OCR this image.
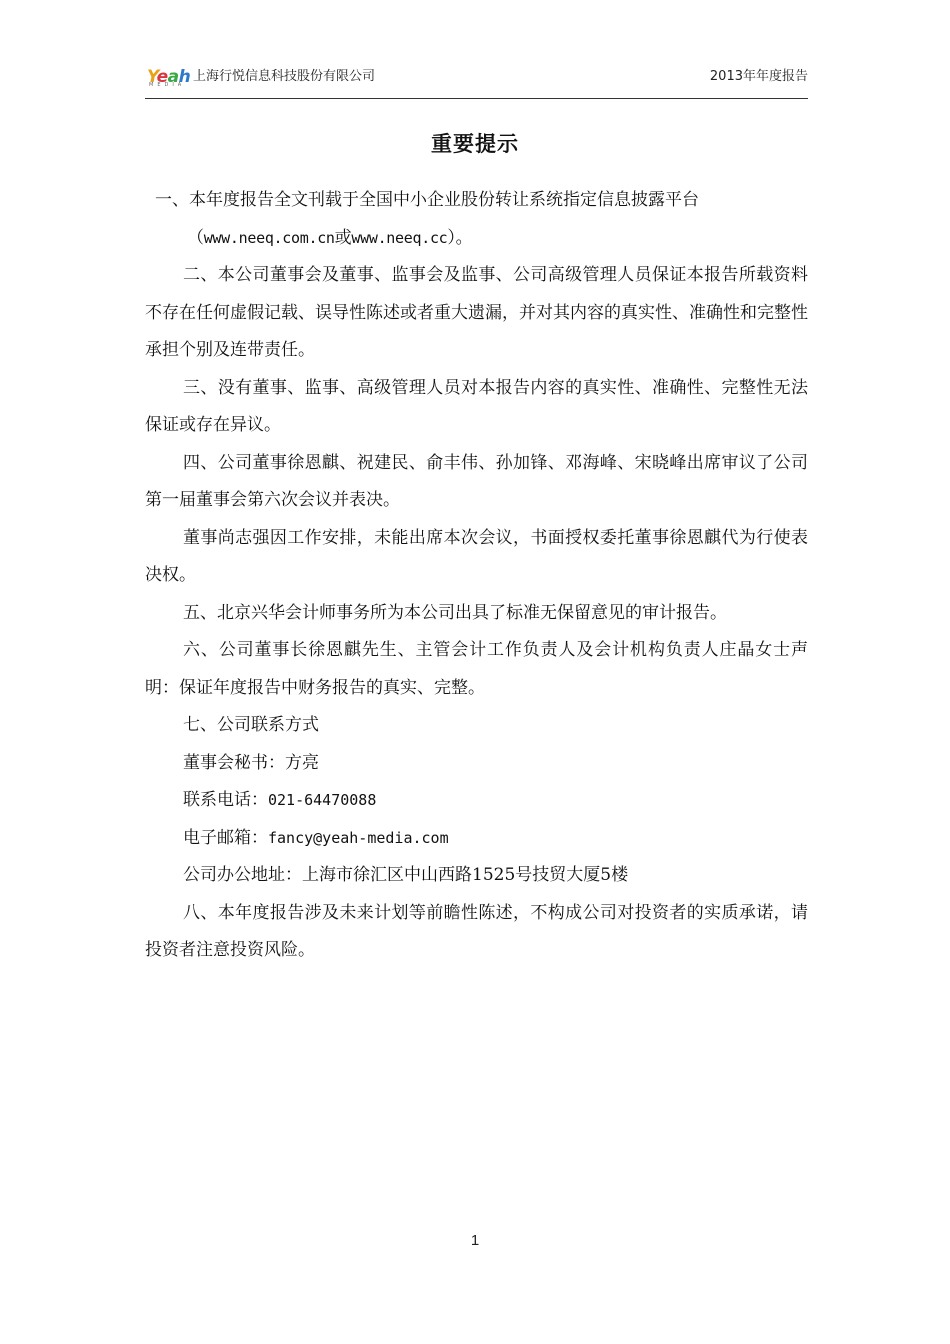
Yeah
MEDIA
上海行悦信息科技股份有限公司	2013年年度报告
重要提示

一、本年度报告全文刊载于全国中小企业股份转让系统指定信息披露平台

（www.neeq.com.cn或www.neeq.cc）。

二、本公司董事会及董事、监事会及监事、公司高级管理人员保证本报告所载资料不存在任何虚假记载、误导性陈述或者重大遗漏，并对其内容的真实性、准确性和完整性承担个别及连带责任。

三、没有董事、监事、高级管理人员对本报告内容的真实性、准确性、完整性无法保证或存在异议。

四、公司董事徐恩麒、祝建民、俞丰伟、孙加锋、邓海峰、宋晓峰出席审议了公司第一届董事会第六次会议并表决。

董事尚志强因工作安排，未能出席本次会议，书面授权委托董事徐恩麒代为行使表决权。

五、北京兴华会计师事务所为本公司出具了标准无保留意见的审计报告。

六、公司董事长徐恩麒先生、主管会计工作负责人及会计机构负责人庄晶女士声明：保证年度报告中财务报告的真实、完整。

七、公司联系方式

董事会秘书：方亮

联系电话：021-64470088

电子邮箱：fancy@yeah-media.com

公司办公地址：上海市徐汇区中山西路1525号技贸大厦5楼

八、本年度报告涉及未来计划等前瞻性陈述，不构成公司对投资者的实质承诺，请投资者注意投资风险。

1
